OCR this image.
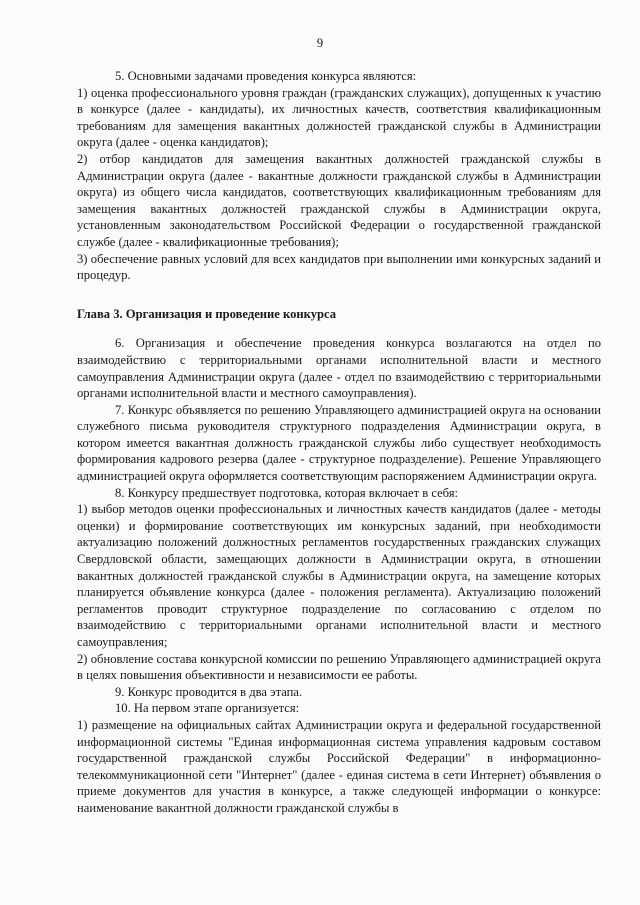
9

5. Основными задачами проведения конкурса являются:

1) оценка профессионального уровня граждан (гражданских служащих), допущенных к участию в конкурсе (далее - кандидаты), их личностных качеств, соответствия квалификационным требованиям для замещения вакантных должностей гражданской службы в Администрации округа (далее - оценка кандидатов);

2) отбор кандидатов для замещения вакантных должностей гражданской службы в Администрации округа (далее - вакантные должности гражданской службы в Администрации округа) из общего числа кандидатов, соответствующих квалификационным требованиям для замещения вакантных должностей гражданской службы в Администрации округа, установленным законодательством Российской Федерации о государственной гражданской службе (далее - квалификационные требования);

3) обеспечение равных условий для всех кандидатов при выполнении ими конкурсных заданий и процедур.

Глава 3. Организация и проведение конкурса

6. Организация и обеспечение проведения конкурса возлагаются на отдел по взаимодействию с территориальными органами исполнительной власти и местного самоуправления Администрации округа (далее - отдел по взаимодействию с территориальными органами исполнительной власти и местного самоуправления).

7. Конкурс объявляется по решению Управляющего администрацией округа на основании служебного письма руководителя структурного подразделения Администрации округа, в котором имеется вакантная должность гражданской службы либо существует необходимость формирования кадрового резерва (далее - структурное подразделение). Решение Управляющего администрацией округа оформляется соответствующим распоряжением Администрации округа.

8. Конкурсу предшествует подготовка, которая включает в себя:

1) выбор методов оценки профессиональных и личностных качеств кандидатов (далее - методы оценки) и формирование соответствующих им конкурсных заданий, при необходимости актуализацию положений должностных регламентов государственных гражданских служащих Свердловской области, замещающих должности в Администрации округа, в отношении вакантных должностей гражданской службы в Администрации округа, на замещение которых планируется объявление конкурса (далее - положения регламента). Актуализацию положений регламентов проводит структурное подразделение по согласованию с отделом по взаимодействию с территориальными органами исполнительной власти и местного самоуправления;

2) обновление состава конкурсной комиссии по решению Управляющего администрацией округа в целях повышения объективности и независимости ее работы.

9. Конкурс проводится в два этапа.

10. На первом этапе организуется:

1) размещение на официальных сайтах Администрации округа и федеральной государственной информационной системы "Единая информационная система управления кадровым составом государственной гражданской службы Российской Федерации" в информационно-телекоммуникационной сети "Интернет" (далее - единая система в сети Интернет) объявления о приеме документов для участия в конкурсе, а также следующей информации о конкурсе: наименование вакантной должности гражданской службы в
